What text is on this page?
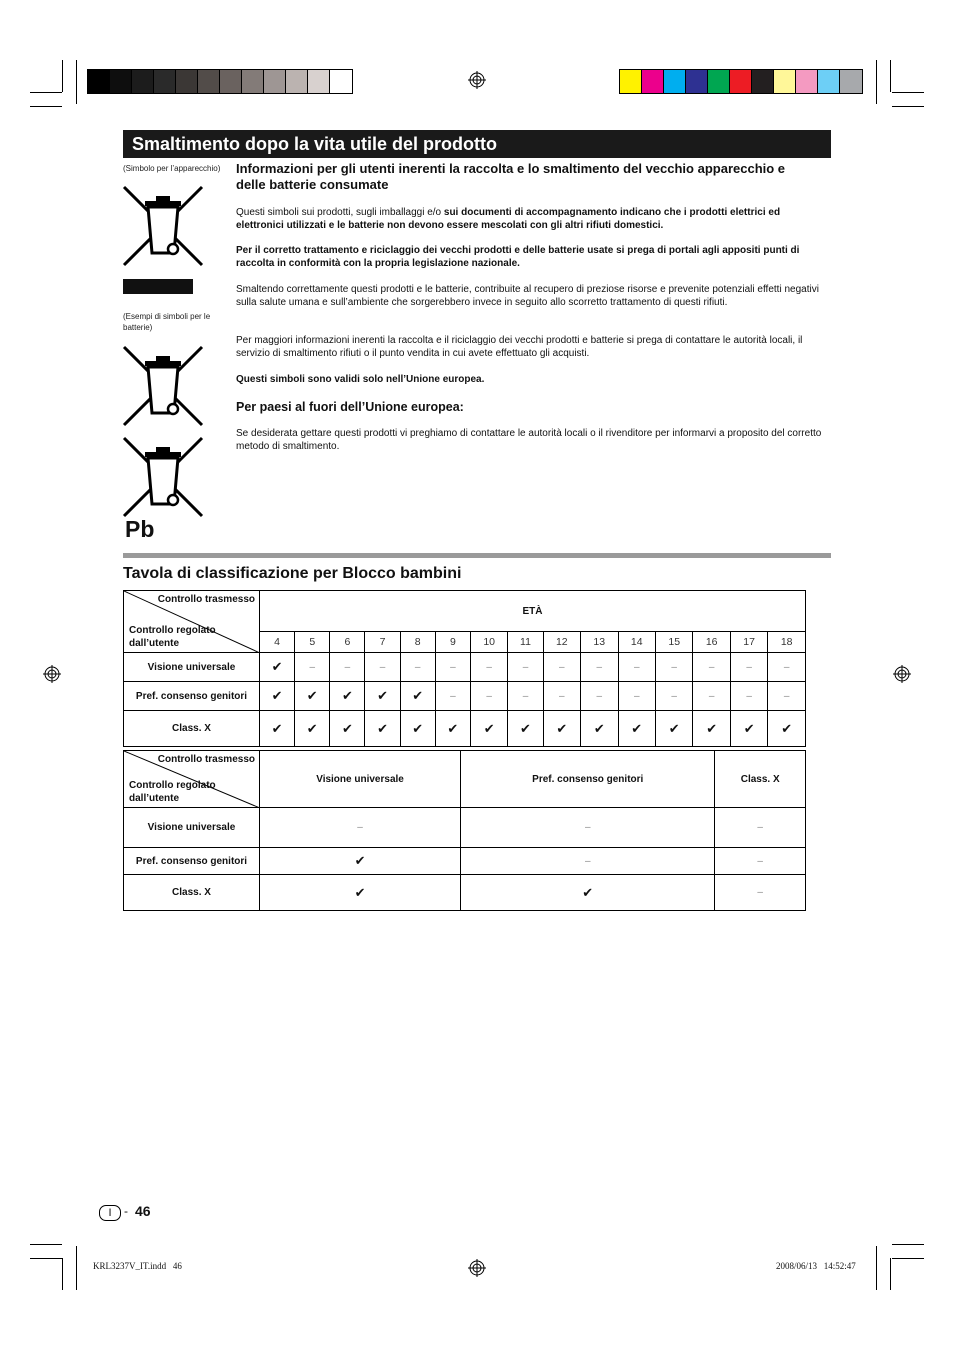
Smaltimento dopo la vita utile del prodotto
(Simbolo per l’apparecchio)
(Esempi di simboli per le batterie)
Pb
Informazioni per gli utenti inerenti la raccolta e lo smaltimento del vecchio apparecchio e delle batterie consumate
Questi simboli sui prodotti, sugli imballaggi e/o sui documenti di accompagnamento indicano che i prodotti elettrici ed elettronici utilizzati e le batterie non devono essere mescolati con gli altri rifiuti domestici.
Per il corretto trattamento e riciclaggio dei vecchi prodotti e delle batterie usate si prega di portali agli appositi punti di raccolta in conformità con la propria legislazione nazionale.
Smaltendo correttamente questi prodotti e le batterie, contribuite al recupero di preziose risorse e prevenite potenziali effetti negativi sulla salute umana e sull’ambiente che sorgerebbero invece in seguito allo scorretto trattamento di questi rifiuti.
Per maggiori informazioni inerenti la raccolta e il riciclaggio dei vecchi prodotti e batterie si prega di contattare le autorità locali, il servizio di smaltimento rifiuti o il punto vendita in cui avete effettuato gli acquisti.
Questi simboli sono validi solo nell’Unione europea.
Per paesi al fuori dell’Unione europea:
Se desiderata gettare questi prodotti vi preghiamo di contattare le autorità locali o il rivenditore per informarvi a proposito del corretto metodo di smaltimento.
Tavola di classificazione per Blocco bambini
Controllo trasmesso
Controllo regolato dall’utente	ETÀ														
	4	5	6	7	8	9	10	11	12	13	14	15	16	17	18
Visione universale	✔	–	–	–	–	–	–	–	–	–	–	–	–	–	–
Pref. consenso genitori	✔	✔	✔	✔	✔	–	–	–	–	–	–	–	–	–	–
Class. X	✔	✔	✔	✔	✔	✔	✔	✔	✔	✔	✔	✔	✔	✔	✔
Controllo trasmesso
Controllo regolato dall’utente	Visione universale	Pref. consenso genitori	Class. X
Visione universale	–	–	–
Pref. consenso genitori	✔	–	–
Class. X	✔	✔	–
I	- 46
KRL3237V_IT.indd   46	2008/06/13   14:52:47
